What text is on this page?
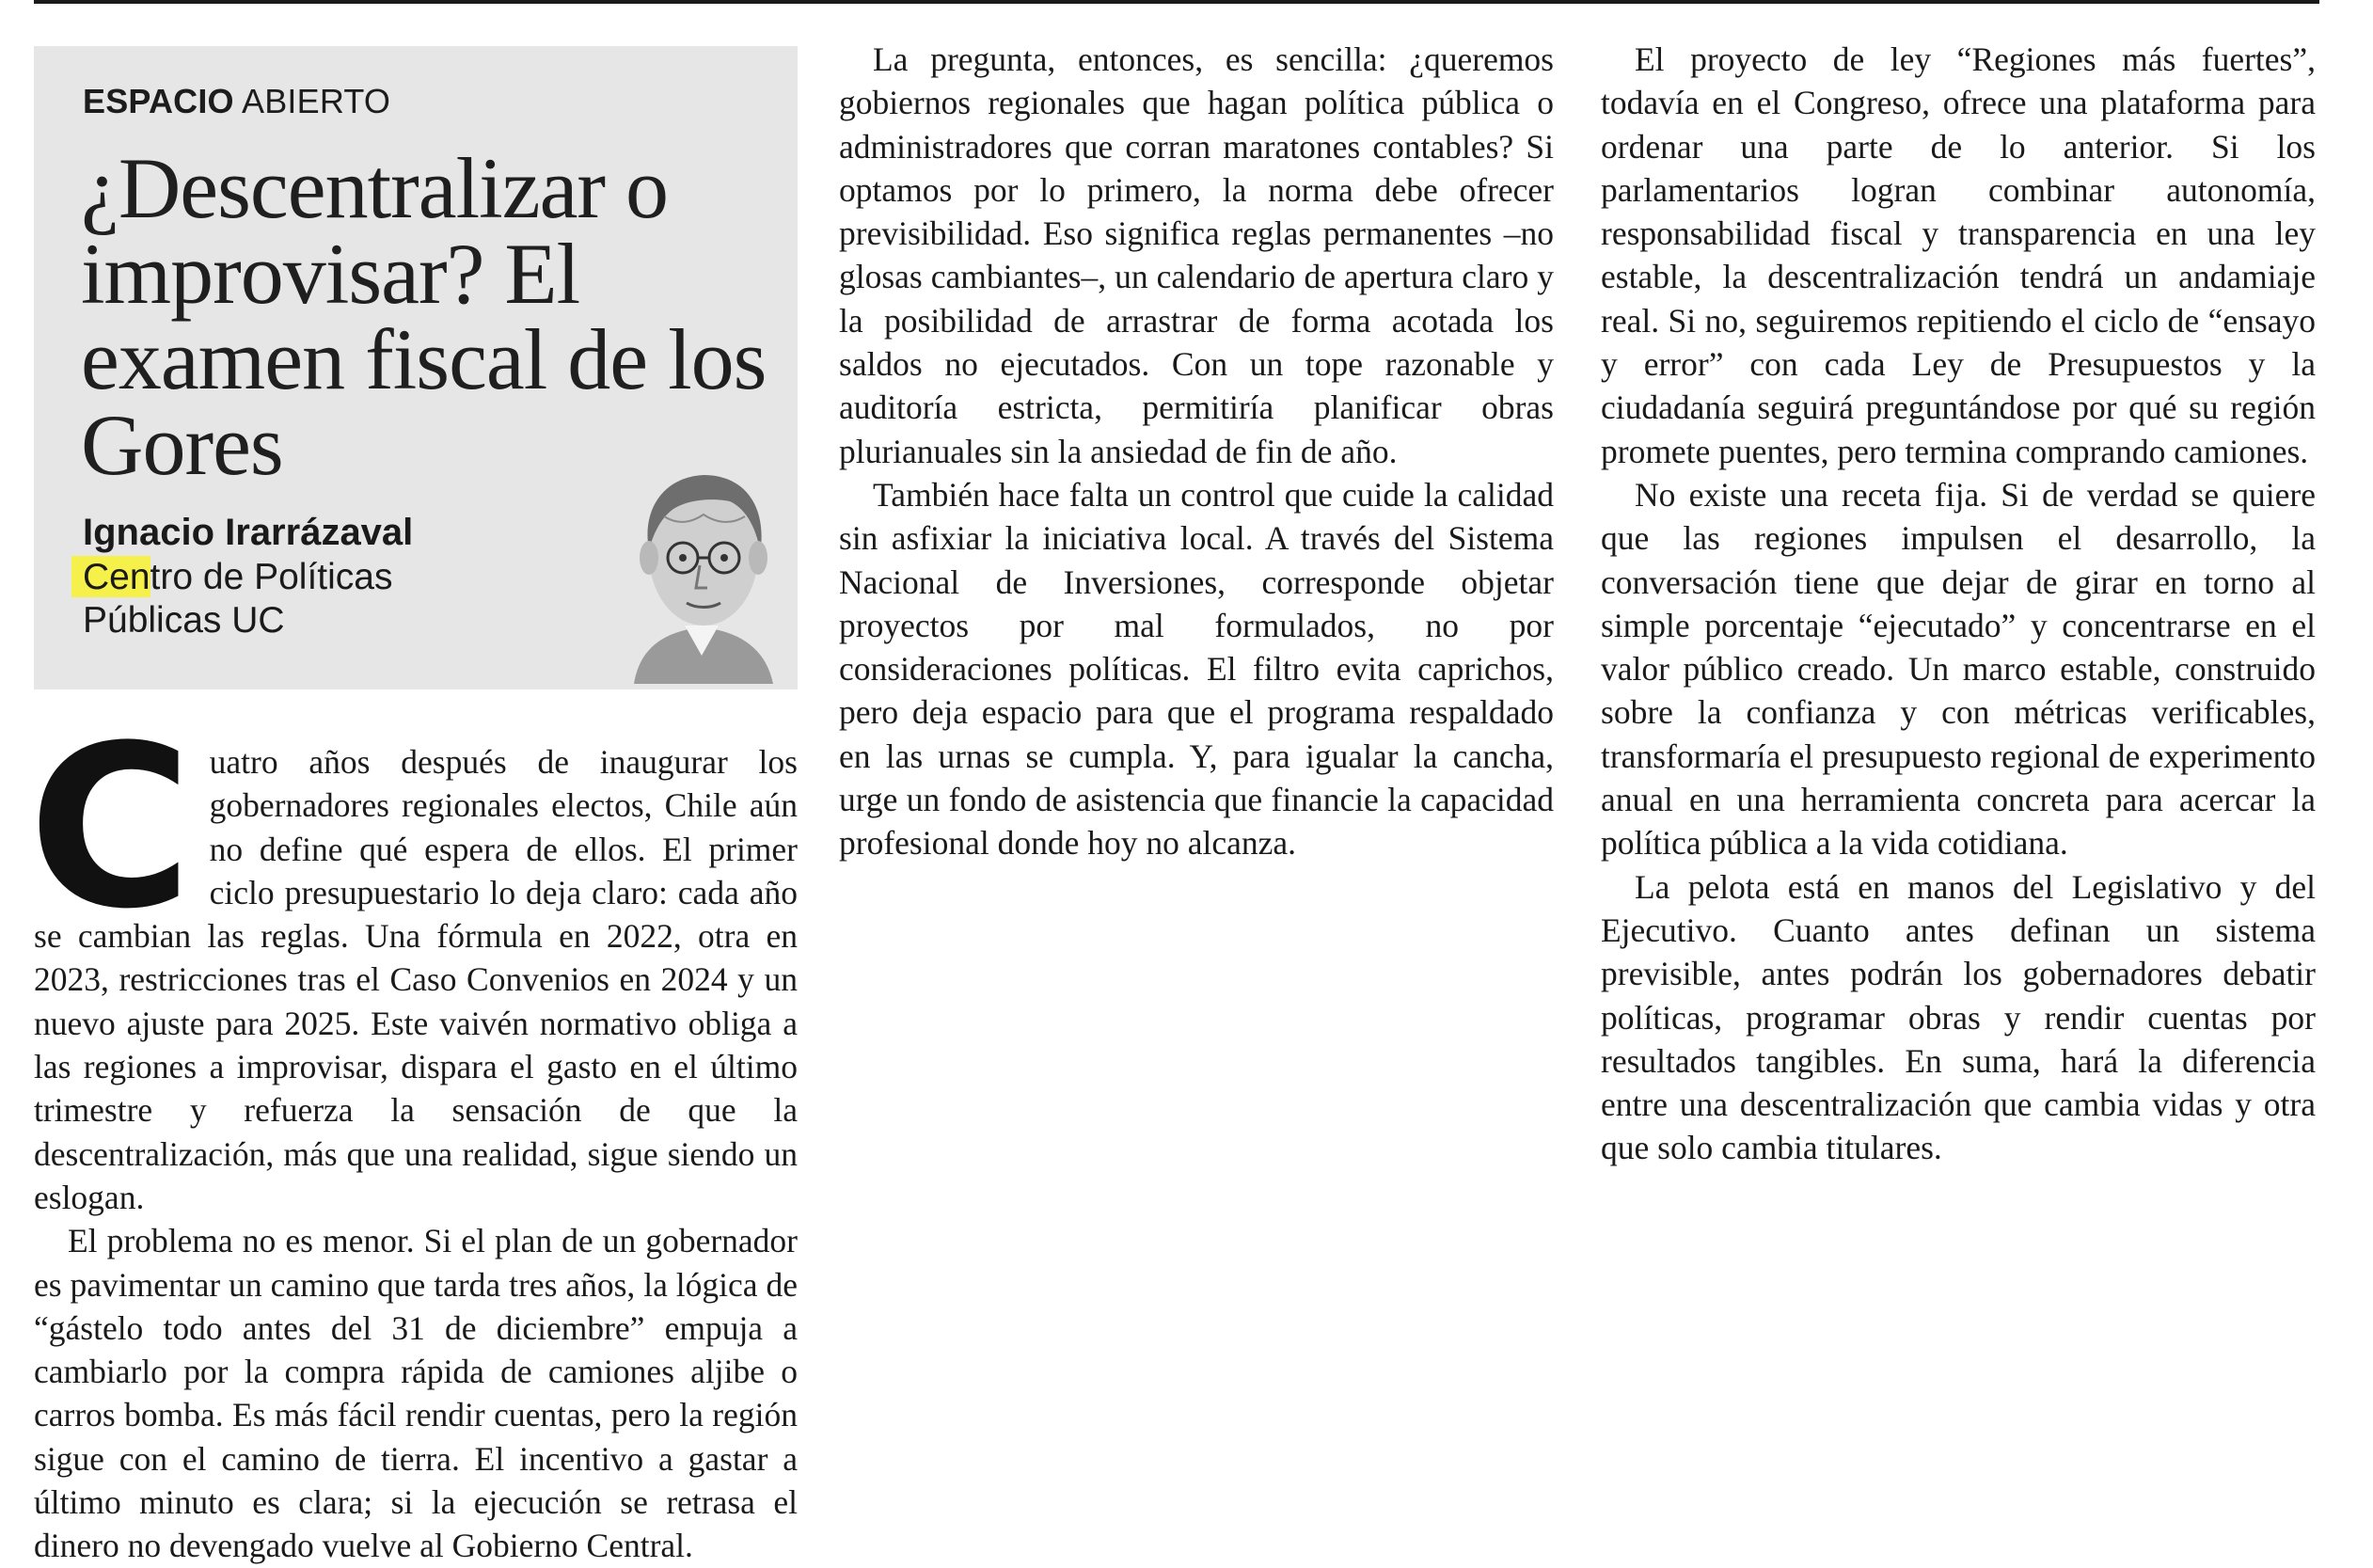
ESPACIO ABIERTO
¿Descentralizar o improvisar? El examen fiscal de los Gores
Ignacio Irarrázaval
Centro de Políticas
Públicas UC

Cuatro años después de inaugurar los gobernadores regionales electos, Chile aún no define qué espera de ellos. El primer ciclo presupuestario lo deja claro: cada año se cambian las reglas. Una fórmula en 2022, otra en 2023, restricciones tras el Caso Convenios en 2024 y un nuevo ajuste para 2025. Este vaivén normativo obliga a las regiones a improvisar, dispara el gasto en el último trimestre y refuerza la sensación de que la descentralización, más que una realidad, sigue siendo un eslogan.

El problema no es menor. Si el plan de un gobernador es pavimentar un camino que tarda tres años, la lógica de “gástelo todo antes del 31 de diciembre” empuja a cambiarlo por la compra rápida de camiones aljibe o carros bomba. Es más fácil rendir cuentas, pero la región sigue con el camino de tierra. El incentivo a gastar a último minuto es clara; si la ejecución se retrasa el dinero no devengado vuelve al Gobierno Central.

La pregunta, entonces, es sencilla: ¿queremos gobiernos regionales que hagan política pública o administradores que corran maratones contables? Si optamos por lo primero, la norma debe ofrecer previsibilidad. Eso significa reglas permanentes –no glosas cambiantes–, un calendario de apertura claro y la posibilidad de arrastrar de forma acotada los saldos no ejecutados. Con un tope razonable y auditoría estricta, permitiría planificar obras plurianuales sin la ansiedad de fin de año.

También hace falta un control que cuide la calidad sin asfixiar la iniciativa local. A través del Sistema Nacional de Inversiones, corresponde objetar proyectos por mal formulados, no por consideraciones políticas. El filtro evita caprichos, pero deja espacio para que el programa respaldado en las urnas se cumpla. Y, para igualar la cancha, urge un fondo de asistencia que financie la capacidad profesional donde hoy no alcanza.

El proyecto de ley “Regiones más fuertes”, todavía en el Congreso, ofrece una plataforma para ordenar una parte de lo anterior. Si los parlamentarios logran combinar autonomía, responsabilidad fiscal y transparencia en una ley estable, la descentralización tendrá un andamiaje real. Si no, seguiremos repitiendo el ciclo de “ensayo y error” con cada Ley de Presupuestos y la ciudadanía seguirá preguntándose por qué su región promete puentes, pero termina comprando camiones.

No existe una receta fija. Si de verdad se quiere que las regiones impulsen el desarrollo, la conversación tiene que dejar de girar en torno al simple porcentaje “ejecutado” y concentrarse en el valor público creado. Un marco estable, construido sobre la confianza y con métricas verificables, transformaría el presupuesto regional de experimento anual en una herramienta concreta para acercar la política pública a la vida cotidiana.

La pelota está en manos del Legislativo y del Ejecutivo. Cuanto antes definan un sistema previsible, antes podrán los gobernadores debatir políticas, programar obras y rendir cuentas por resultados tangibles. En suma, hará la diferencia entre una descentralización que cambia vidas y otra que solo cambia titulares.
